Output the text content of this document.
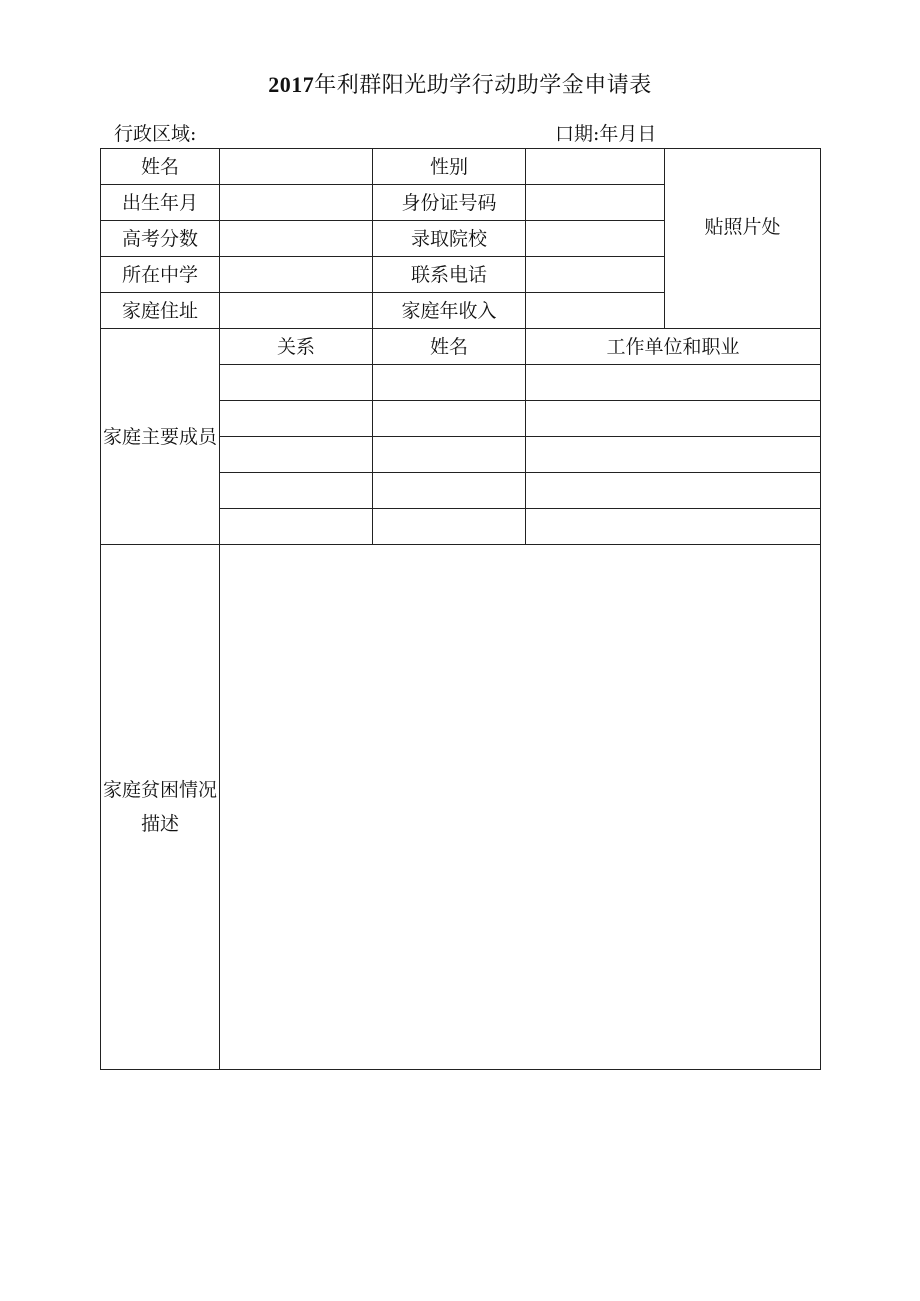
2017年利群阳光助学行动助学金申请表
行政区域:	口期:年月日
姓名		性别		贴照片处
出生年月		身份证号码		
高考分数		录取院校		
所在中学		联系电话		
家庭住址		家庭年收入		
家庭主要成员	关系	姓名	工作单位和职业	

家庭贫困情况描述				
